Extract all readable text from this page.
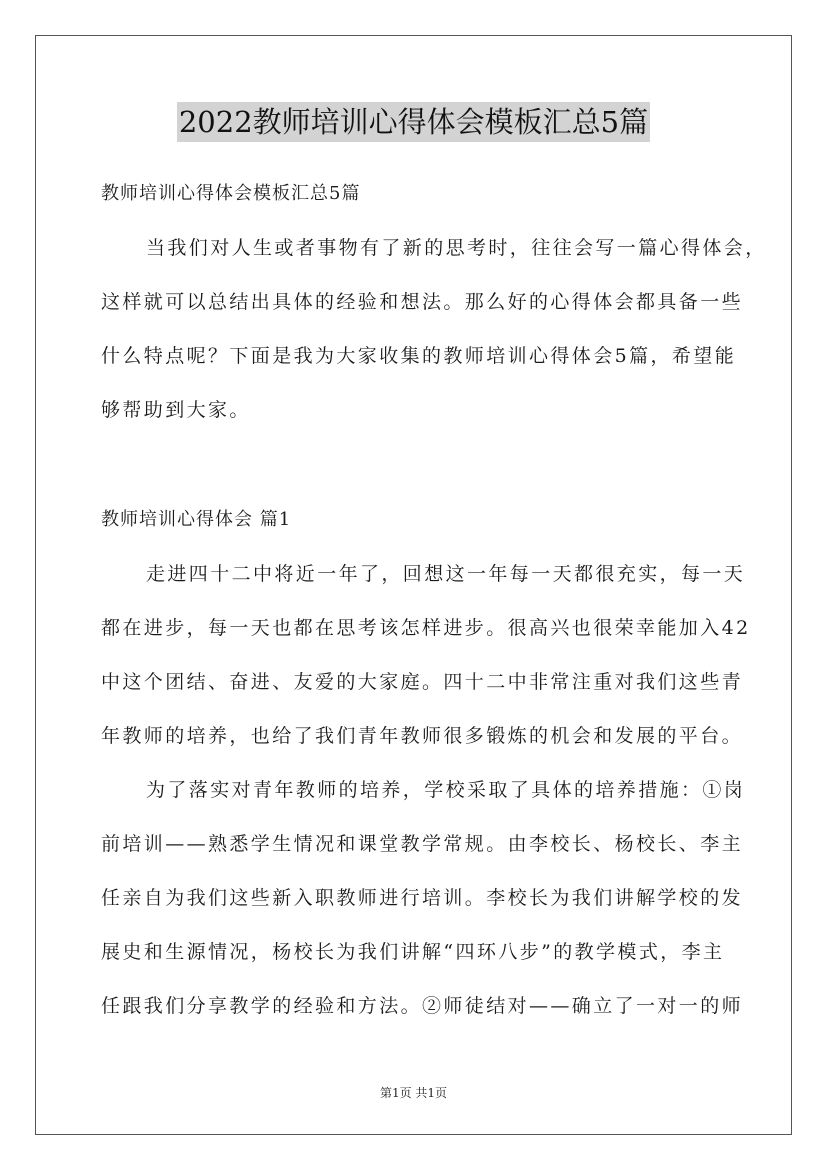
2022教师培训心得体会模板汇总5篇
教师培训心得体会模板汇总5篇
当我们对人生或者事物有了新的思考时，往往会写一篇心得体会，
这样就可以总结出具体的经验和想法。那么好的心得体会都具备一些
什么特点呢？下面是我为大家收集的教师培训心得体会5篇，希望能
够帮助到大家。
教师培训心得体会 篇1
走进四十二中将近一年了，回想这一年每一天都很充实，每一天
都在进步，每一天也都在思考该怎样进步。很高兴也很荣幸能加入42
中这个团结、奋进、友爱的大家庭。四十二中非常注重对我们这些青
年教师的培养，也给了我们青年教师很多锻炼的机会和发展的平台。
为了落实对青年教师的培养，学校采取了具体的培养措施：①岗
前培训——熟悉学生情况和课堂教学常规。由李校长、杨校长、李主
任亲自为我们这些新入职教师进行培训。李校长为我们讲解学校的发
展史和生源情况，杨校长为我们讲解“四环八步”的教学模式，李主
任跟我们分享教学的经验和方法。②师徒结对——确立了一对一的师
第1页 共1页
